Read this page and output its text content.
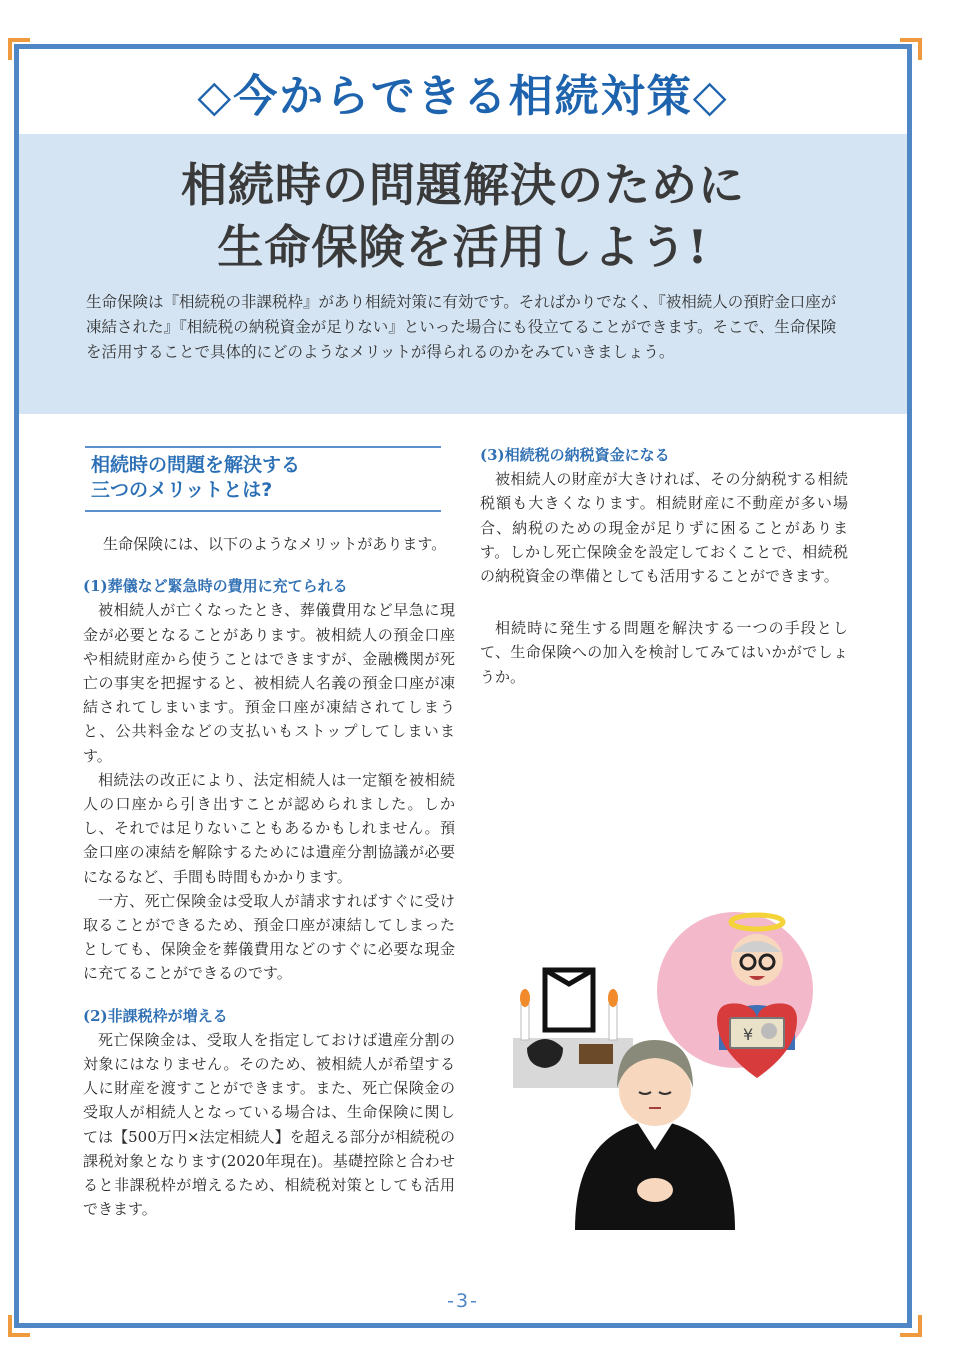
◇今からできる相続対策◇
相続時の問題解決のために
生命保険を活用しよう!
生命保険は『相続税の非課税枠』があり相続対策に有効です。そればかりでなく、『被相続人の預貯金口座が凍結された』『相続税の納税資金が足りない』といった場合にも役立てることができます。そこで、生命保険を活用することで具体的にどのようなメリットが得られるのかをみていきましょう。
相続時の問題を解決する
三つのメリットとは?

生命保険には、以下のようなメリットがあります。

(1)葬儀など緊急時の費用に充てられる

被相続人が亡くなったとき、葬儀費用など早急に現金が必要となることがあります。被相続人の預金口座や相続財産から使うことはできますが、金融機関が死亡の事実を把握すると、被相続人名義の預金口座が凍結されてしまいます。預金口座が凍結されてしまうと、公共料金などの支払いもストップしてしまいます。

相続法の改正により、法定相続人は一定額を被相続人の口座から引き出すことが認められました。しかし、それでは足りないこともあるかもしれません。預金口座の凍結を解除するためには遺産分割協議が必要になるなど、手間も時間もかかります。

一方、死亡保険金は受取人が請求すればすぐに受け取ることができるため、預金口座が凍結してしまったとしても、保険金を葬儀費用などのすぐに必要な現金に充てることができるのです。

(2)非課税枠が増える

死亡保険金は、受取人を指定しておけば遺産分割の対象にはなりません。そのため、被相続人が希望する人に財産を渡すことができます。また、死亡保険金の受取人が相続人となっている場合は、生命保険に関しては【500万円×法定相続人】を超える部分が相続税の課税対象となります(2020年現在)。基礎控除と合わせると非課税枠が増えるため、相続税対策としても活用できます。

(3)相続税の納税資金になる

被相続人の財産が大きければ、その分納税する相続税額も大きくなります。相続財産に不動産が多い場合、納税のための現金が足りずに困ることがあります。しかし死亡保険金を設定しておくことで、相続税の納税資金の準備としても活用することができます。

相続時に発生する問題を解決する一つの手段として、生命保険への加入を検討してみてはいかがでしょうか。

¥
-3-
